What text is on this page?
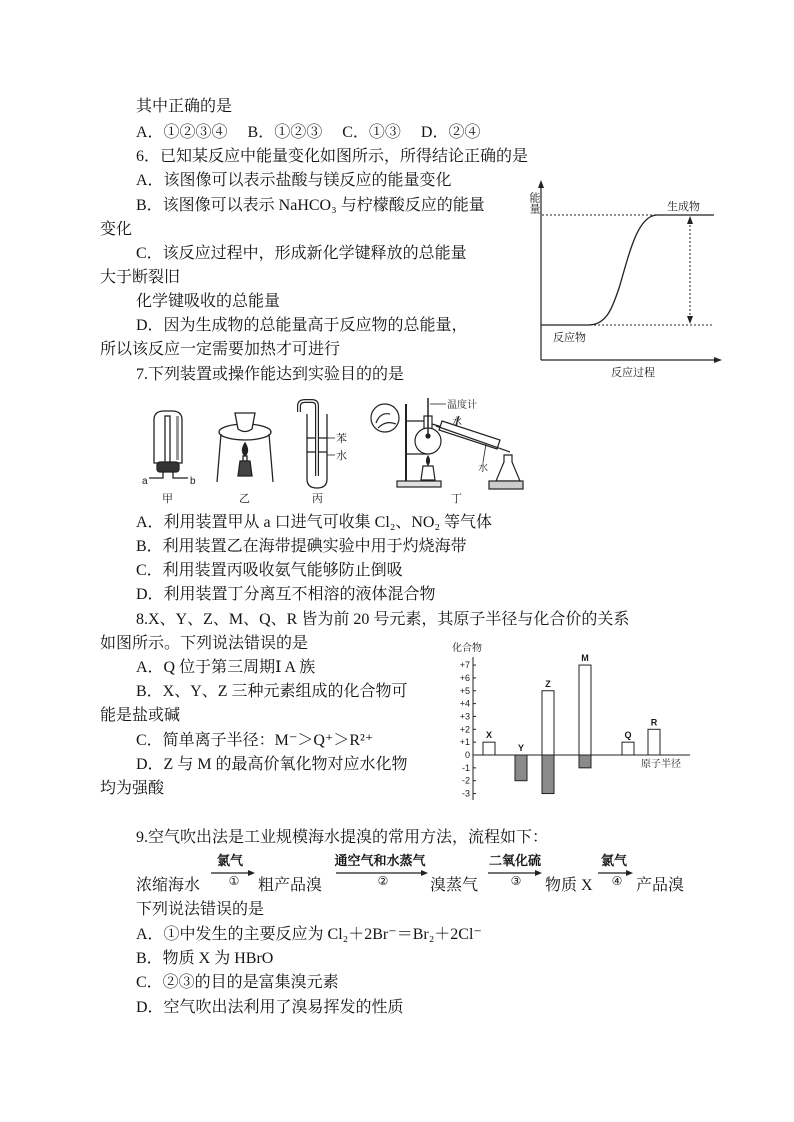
其中正确的是
A．①②③④　 B．①②③　 C．①③　 D．②④
6．已知某反应中能量变化如图所示，所得结论正确的是
A．该图像可以表示盐酸与镁反应的能量变化
B．该图像可以表示 NaHCO₃ 与柠檬酸反应的能量
变化
C．该反应过程中，形成新化学键释放的总能量
大于断裂旧
化学键吸收的总能量
D．因为生成物的总能量高于反应物的总能量，
所以该反应一定需要加热才可进行
能量	生成物
反应物
反应过程
7.下列装置或操作能达到实验目的的是
a	b
甲	乙
苯
水
丙
温度计
水
水
丁
A．利用装置甲从 a 口进气可收集 Cl₂、NO₂ 等气体
B．利用装置乙在海带提碘实验中用于灼烧海带
C．利用装置丙吸收氨气能够防止倒吸
D．利用装置丁分离互不相溶的液体混合物
8.X、Y、Z、M、Q、R 皆为前 20 号元素，其原子半径与化合价的关系
如图所示。下列说法错误的是
A．Q 位于第三周期Ⅰ A 族
B．X、Y、Z 三种元素组成的化合物可
能是盐或碱
C．简单离子半径：M⁻＞Q⁺＞R²⁺
D．Z 与 M 的最高价氧化物对应水化物
均为强酸
化合物
原子半径
+7
+6
+5
+4
+3
+2
+1
0
-1
-2
-3
X
Y
Z
M
Q
R
9.空气吹出法是工业规模海水提溴的常用方法，流程如下：
氯气
①
通空气和水蒸气
②
二氧化硫
③
氯气
④
浓缩海水	粗产品溴	溴蒸气	物质 X	产品溴
下列说法错误的是
A．①中发生的主要反应为 Cl₂＋2Br⁻＝Br₂＋2Cl⁻
B．物质 X 为 HBrO
C．②③的目的是富集溴元素
D．空气吹出法利用了溴易挥发的性质
